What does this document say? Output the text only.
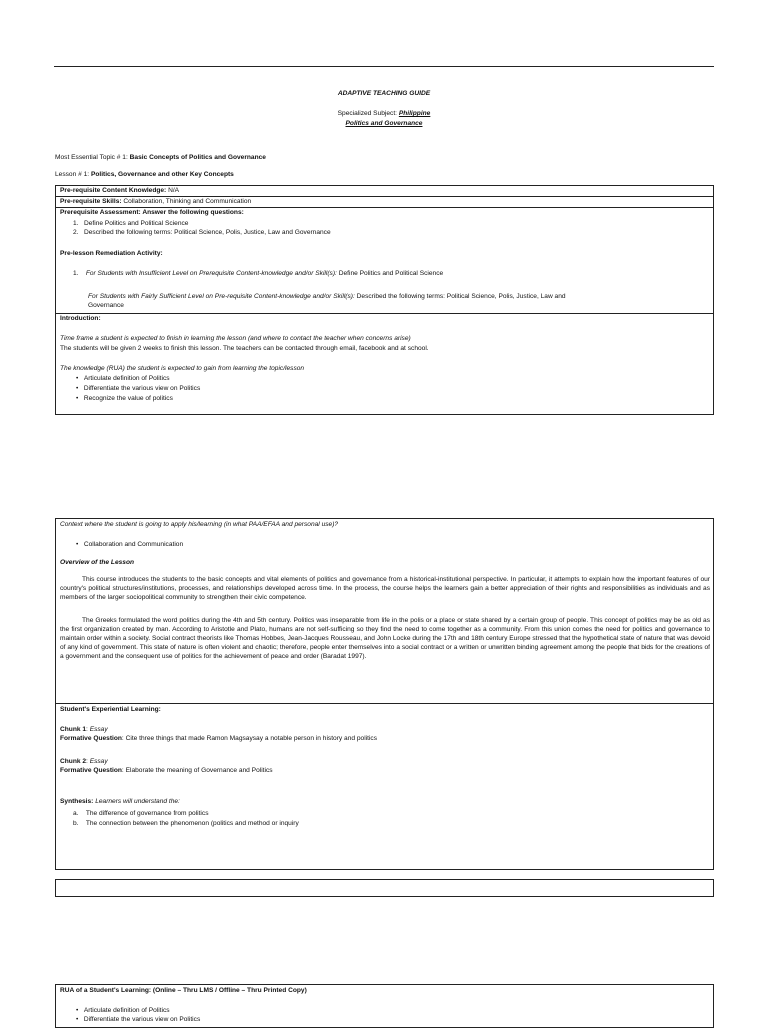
ADAPTIVE TEACHING GUIDE
Specialized Subject: Philippine
Politics and Governance
Most Essential Topic # 1: Basic Concepts of Politics and Governance
Lesson # 1: Politics, Governance and other Key Concepts
Pre-requisite Content Knowledge: N/A
Pre-requisite Skills: Collaboration, Thinking and Communication
Prerequisite Assessment: Answer the following questions:
1.   Define Politics and Political Science
2.   Described the following terms: Political Science, Polis, Justice, Law and Governance
Pre-lesson Remediation Activity:
1.    For Students with Insufficient Level on Prerequisite Content-knowledge and/or Skill(s): Define Politics and Political Science
For Students with Fairly Sufficient Level on Pre-requisite Content-knowledge and/or Skill(s): Described the following terms: Political Science, Polis, Justice, Law and
Governance
Introduction:
Time frame a student is expected to finish in learning the lesson (and where to contact the teacher when concerns arise)
The students will be given 2 weeks to finish this lesson. The teachers can be contacted through email, facebook and at school.
The knowledge (RUA) the student is expected to gain from learning the topic/lesson
•   Articulate definition of Politics
•   Differentiate the various view on Politics
•   Recognize the value of politics
Context where the student is going to apply his/learning (in what PAA/EFAA and personal use)?
•   Collaboration and Communication
Overview of the Lesson
This course introduces the students to the basic concepts and vital elements of politics and governance from a historical-institutional perspective. In particular, it attempts to explain how the important features of our country's political structures/institutions, processes, and relationships developed across time. In the process, the course helps the learners gain a better appreciation of their rights and responsibilities as individuals and as members of the larger sociopolitical community to strengthen their civic competence.
The Greeks formulated the word politics during the 4th and 5th century. Politics was inseparable from life in the polis or a place or state shared by a certain group of people. This concept of politics may be as old as the first organization created by man. According to Aristotle and Plato, humans are not self-sufficing so they find the need to come together as a community. From this union comes the need for politics and governance to maintain order within a society. Social contract theorists like Thomas Hobbes, Jean-Jacques Rousseau, and John Locke during the 17th and 18th century Europe stressed that the hypothetical state of nature that was devoid of any kind of government. This state of nature is often violent and chaotic; therefore, people enter themselves into a social contract or a written or unwritten binding agreement among the people that bids for the creations of a government and the consequent use of politics for the achievement of peace and order (Baradat 1997).
Student's Experiential Learning:
Chunk 1: Essay
Formative Question: Cite three things that made Ramon Magsaysay a notable person in history and politics
Chunk 2: Essay
Formative Question: Elaborate the meaning of Governance and Politics
Synthesis: Learners will understand the:
a.    The difference of governance from politics
b.    The connection between the phenomenon (politics and method or inquiry
RUA of a Student's Learning: (Online – Thru LMS / Offline – Thru Printed Copy)
•   Articulate definition of Politics
•   Differentiate the various view on Politics
